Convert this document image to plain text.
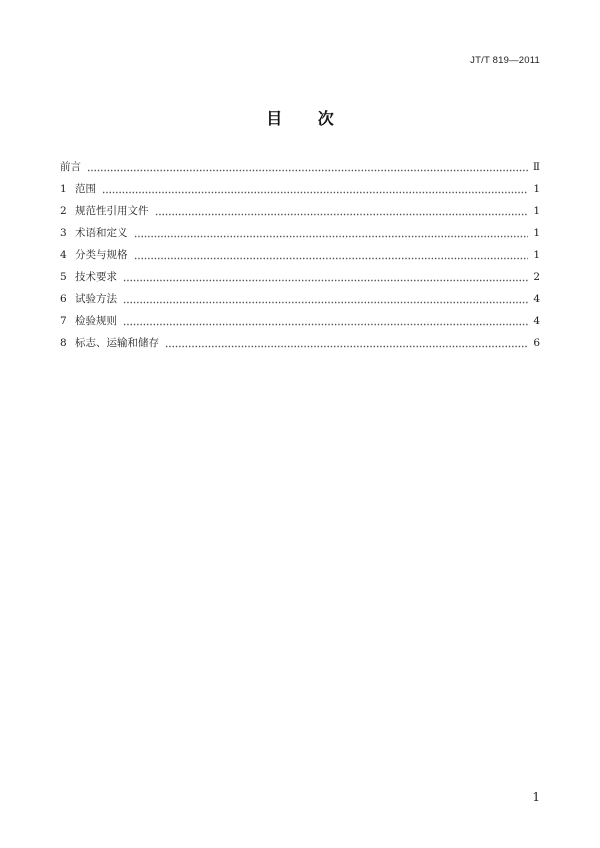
JT/T 819—2011
目 次
前言	Ⅱ
1 范围	1
2 规范性引用文件	1
3 术语和定义	1
4 分类与规格	1
5 技术要求	2
6 试验方法	4
7 检验规则	4
8 标志、运输和储存	6
1
